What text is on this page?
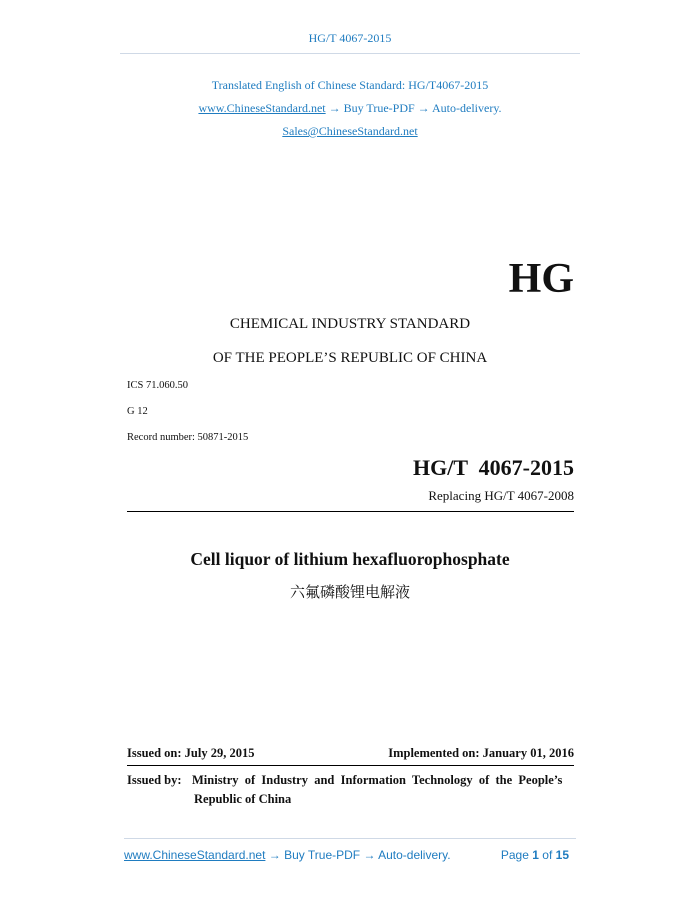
HG/T 4067-2015
Translated English of Chinese Standard: HG/T4067-2015
www.ChineseStandard.net → Buy True-PDF → Auto-delivery.
Sales@ChineseStandard.net
HG
CHEMICAL INDUSTRY STANDARD
OF THE PEOPLE’S REPUBLIC OF CHINA
ICS 71.060.50
G 12
Record number: 50871-2015
HG/T  4067-2015
Replacing HG/T 4067-2008
Cell liquor of lithium hexafluorophosphate
六氟磷酸锂电解液
Issued on: July 29, 2015	Implemented on: January 01, 2016
Issued by: Ministry  of  Industry  and  Information  Technology  of  the  People’s
Republic of China
www.ChineseStandard.net → Buy True-PDF → Auto-delivery.	Page 1 of 15
